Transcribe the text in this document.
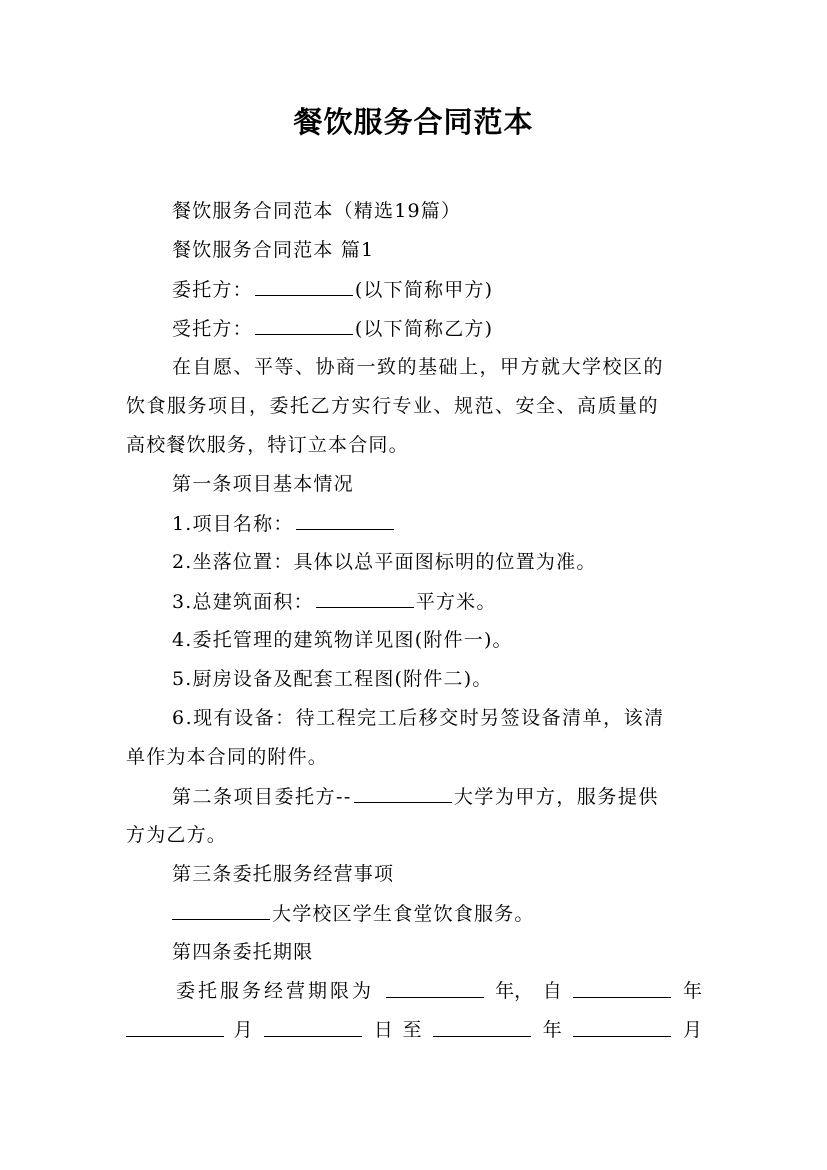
餐饮服务合同范本
餐饮服务合同范本（精选19篇）
餐饮服务合同范本 篇1
委托方：	(以下简称甲方)
受托方：	(以下简称乙方)
在自愿、平等、协商一致的基础上，甲方就大学校区的
饮食服务项目，委托乙方实行专业、规范、安全、高质量的
高校餐饮服务，特订立本合同。
第一条项目基本情况
1.项目名称：
2.坐落位置：具体以总平面图标明的位置为准。
3.总建筑面积：	平方米。
4.委托管理的建筑物详见图(附件一)。
5.厨房设备及配套工程图(附件二)。
6.现有设备：待工程完工后移交时另签设备清单，该清
单作为本合同的附件。
第二条项目委托方--	大学为甲方，服务提供
方为乙方。
第三条委托服务经营事项
大学校区学生食堂饮食服务。
第四条委托期限
委托服务经营期限为	年， 自	年
月	日 至	年	月
